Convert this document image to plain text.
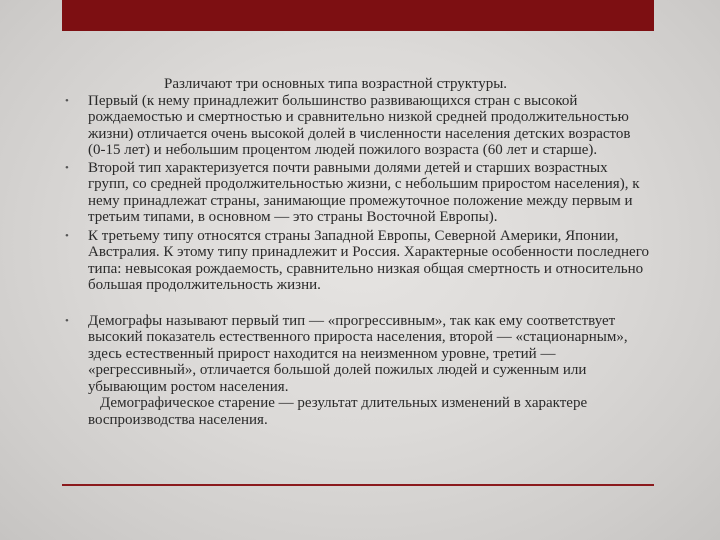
Различают три основных типа возрастной структуры.

• Первый (к нему принадлежит большинство развивающихся стран с высокой рождаемостью и смертностью и сравнительно низкой средней продолжительностью жизни) отличается очень высокой долей в численности населения детских возрастов (0-15 лет) и небольшим процентом людей пожилого возраста (60 лет и старше).
• Второй тип характеризуется почти равными долями детей и старших возрастных групп, со средней продолжительностью жизни, с небольшим приростом населения), к нему принадлежат страны, занимающие промежуточное положение между первым и третьим типами, в основном — это страны Восточной Европы).
• К третьему типу относятся страны Западной Европы, Северной Америки, Японии, Австралия. К этому типу принадлежит и Россия. Характерные особенности последнего типа: невысокая рождаемость, сравнительно низкая общая смертность и относительно большая продолжительность жизни.
• Демографы называют первый тип — «прогрессивным», так как ему соответствует высокий показатель естественного прироста населения, второй — «стационарным», здесь естественный прирост находится на неизменном уровне, третий — «регрессивный», отличается большой долей пожилых людей и суженным или убывающим ростом населения.
Демографическое старение — результат длительных изменений в характере воспроизводства населения.
